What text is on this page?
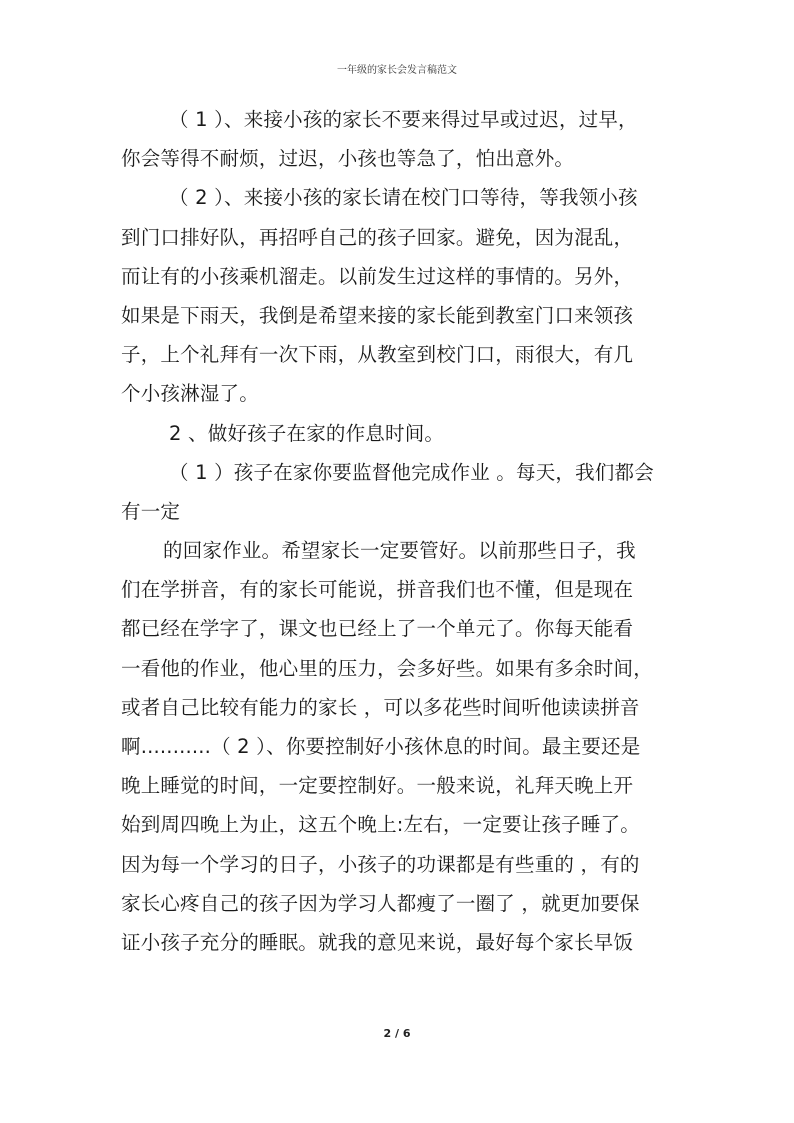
一年级的家长会发言稿范文
（ 1 ）、来接小孩的家长不要来得过早或过迟，过早，
你会等得不耐烦，过迟，小孩也等急了，怕出意外。
（ 2 ）、来接小孩的家长请在校门口等待，等我领小孩
到门口排好队，再招呼自己的孩子回家。避免，因为混乱，
而让有的小孩乘机溜走。以前发生过这样的事情的。另外，
如果是下雨天，我倒是希望来接的家长能到教室门口来领孩
子，上个礼拜有一次下雨，从教室到校门口，雨很大，有几
个小孩淋湿了。
2 、做好孩子在家的作息时间。
（ 1 ）孩子在家你要监督他完成作业 。每天，我们都会
有一定
的回家作业。希望家长一定要管好。以前那些日子，我
们在学拼音，有的家长可能说，拼音我们也不懂，但是现在
都已经在学字了，课文也已经上了一个单元了。你每天能看
一看他的作业，他心里的压力，会多好些。如果有多余时间，
或者自己比较有能力的家长 ，可以多花些时间听他读读拼音
啊...........（ 2 ）、你要控制好小孩休息的时间。最主要还是
晚上睡觉的时间，一定要控制好。一般来说，礼拜天晚上开
始到周四晚上为止，这五个晚上:左右，一定要让孩子睡了。
因为每一个学习的日子，小孩子的功课都是有些重的 ，有的
家长心疼自己的孩子因为学习人都瘦了一圈了 ，就更加要保
证小孩子充分的睡眠。就我的意见来说，最好每个家长早饭
2 / 6
